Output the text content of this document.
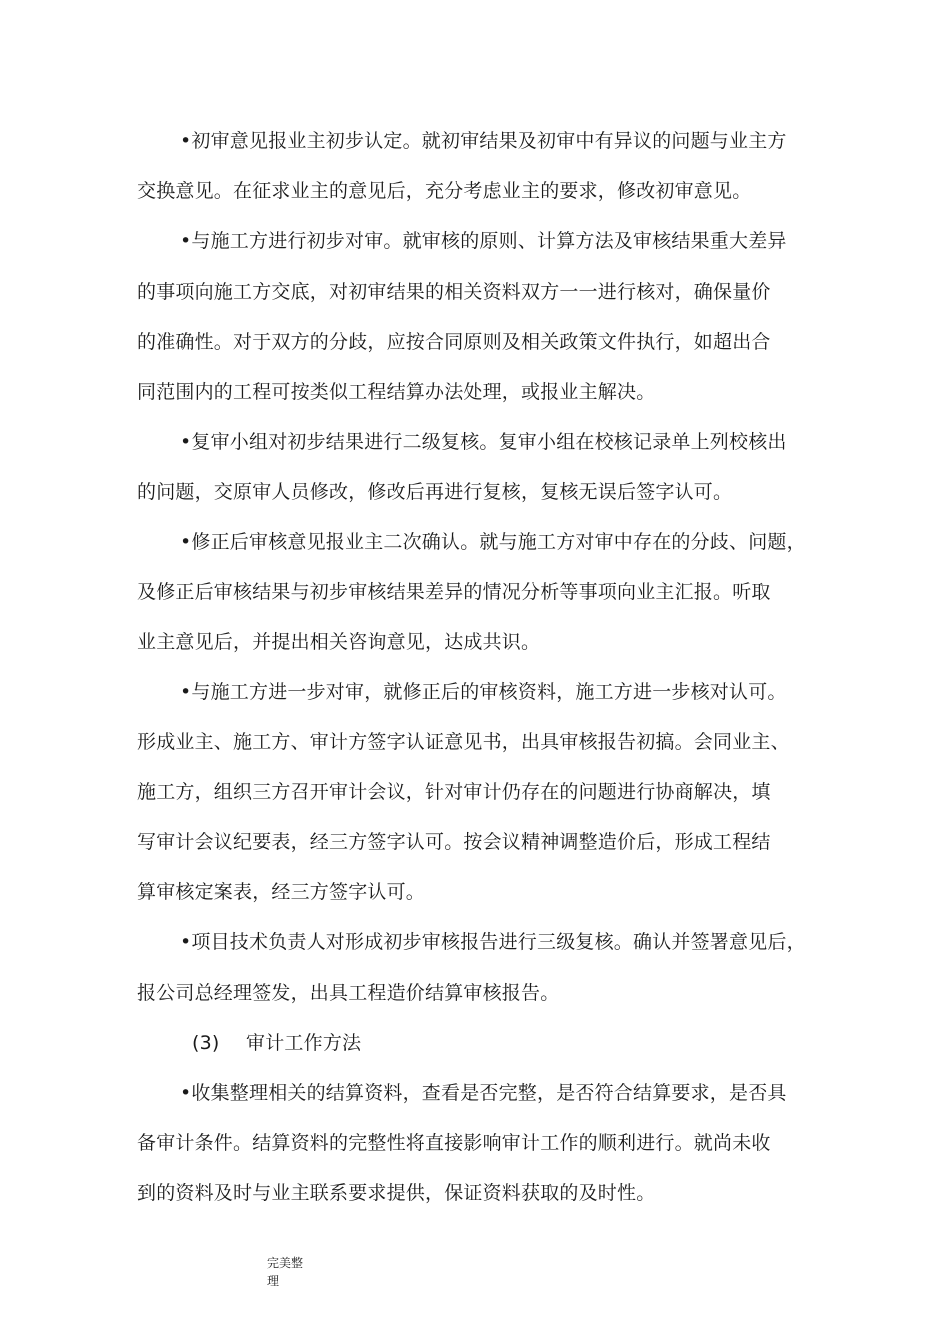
•初审意见报业主初步认定。就初审结果及初审中有异议的问题与业主方
交换意见。在征求业主的意见后，充分考虑业主的要求，修改初审意见。
•与施工方进行初步对审。就审核的原则、计算方法及审核结果重大差异
的事项向施工方交底，对初审结果的相关资料双方一一进行核对，确保量价
的准确性。对于双方的分歧，应按合同原则及相关政策文件执行，如超出合
同范围内的工程可按类似工程结算办法处理，或报业主解决。
•复审小组对初步结果进行二级复核。复审小组在校核记录单上列校核出
的问题，交原审人员修改，修改后再进行复核，复核无误后签字认可。
•修正后审核意见报业主二次确认。就与施工方对审中存在的分歧、问题，
及修正后审核结果与初步审核结果差异的情况分析等事项向业主汇报。听取
业主意见后，并提出相关咨询意见，达成共识。
•与施工方进一步对审，就修正后的审核资料，施工方进一步核对认可。
形成业主、施工方、审计方签字认证意见书，出具审核报告初搞。会同业主、
施工方，组织三方召开审计会议，针对审计仍存在的问题进行协商解决，填
写审计会议纪要表，经三方签字认可。按会议精神调整造价后，形成工程结
算审核定案表，经三方签字认可。
•项目技术负责人对形成初步审核报告进行三级复核。确认并签署意见后，
报公司总经理签发，出具工程造价结算审核报告。
(3) 审计工作方法
•收集整理相关的结算资料，查看是否完整，是否符合结算要求，是否具
备审计条件。结算资料的完整性将直接影响审计工作的顺利进行。就尚未收
到的资料及时与业主联系要求提供，保证资料获取的及时性。
完美整
理
